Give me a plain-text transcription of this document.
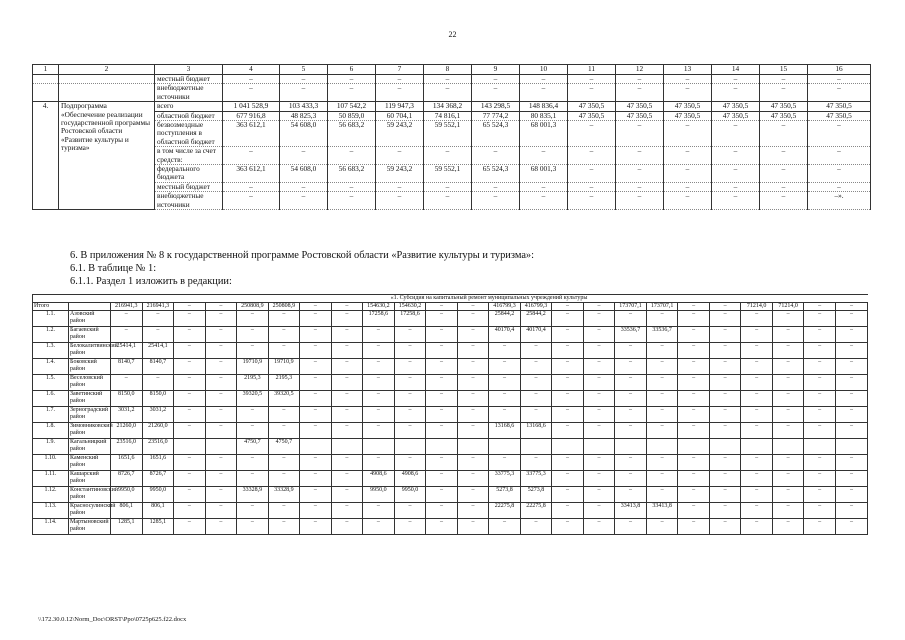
22
1	2	3	4	5	6	7	8	9	10	11	12	13	14	15	16
		местный бюджет	–	–	–	–	–	–	–	–	–	–	–	–	–
		внебюджетные источники	–	–	–	–	–	–	–	–	–	–	–	–	–
4.	Подпрограмма «Обеспечение реализации государственной программы Ростовской области «Развитие культуры и туризма»	всего	1 041 528,9	103 433,3	107 542,2	119 947,3	134 368,2	143 298,5	148 836,4	47 350,5	47 350,5	47 350,5	47 350,5	47 350,5	47 350,5
		областной бюджет	677 916,8	48 825,3	50 859,0	60 704,1	74 816,1	77 774,2	80 835,1	47 350,5	47 350,5	47 350,5	47 350,5	47 350,5	47 350,5
		безвозмездные поступления в областной бюджет	363 612,1	54 608,0	56 683,2	59 243,2	59 552,1	65 524,3	68 001,3	–	–	–	–	–	–
		в том числе за счет средств:	–	–	–	–	–	–	–	–	–	–	–	–	–
		федерального бюджета	363 612,1	54 608,0	56 683,2	59 243,2	59 552,1	65 524,3	68 001,3	–	–	–	–	–	–
		местный бюджет	–	–	–	–	–	–	–	–	–	–	–	–	–
		внебюджетные источники	–	–	–	–	–	–	–	–	–	–	–	–	–».
6. В приложения № 8 к государственной программе Ростовской области «Развитие культуры и туризма»:
6.1. В таблице № 1:
6.1.1. Раздел 1 изложить в редакции:
		«1. Субсидия на капитальный ремонт муниципальных учреждений культуры																							
Итого		216941,3	216941,3	–	–	250808,9	250808,9	–	–	154630,2	154630,2	–	–	416799,3	416799,3	–	–	173707,1	173707,1	–	–	71214,0	71214,0	–	–
1.1.	Азовский район	–	–	–	–	–	–	–	–	17258,6	17258,6	–	–	25844,2	25844,2	–	–	–	–	–	–	–	–	–	–
1.2.	Багаевский район	–	–	–	–	–	–	–	–	–	–	–	–	40170,4	40170,4	–	–	33536,7	33536,7	–	–	–	–	–	–
1.3.	Белокалитвинский район	25414,1	25414,1	–	–	–	–	–	–	–	–	–	–	–	–	–	–	–	–	–	–	–	–	–	–
1.4.	Боковский район	8140,7	8140,7	–	–	19710,9	19710,9	–	–	–	–	–	–	–	–	–	–	–	–	–	–	–	–	–	–
1.5.	Веселовский район	–	–	–	–	2195,3	2195,3	–	–	–	–	–	–	–	–	–	–	–	–	–	–	–	–	–	–
1.6.	Заветинский район	8150,0	8150,0	–	–	39320,5	39320,5	–	–	–	–	–	–	–	–	–	–	–	–	–	–	–	–	–	–
1.7.	Зерноградский район	3031,2	3031,2	–	–	–	–	–	–	–	–	–	–	–	–	–	–	–	–	–	–	–	–	–	–
1.8.	Зимовниковский район	21260,0	21260,0	–	–	–	–	–	–	–	–	–	–	13168,6	13168,6	–	–	–	–	–	–	–	–	–	–
1.9.	Кагальницкий район	23516,0	23516,0			4750,7	4750,7																		
1.10.	Каменский район	1651,6	1651,6	–	–	–	–	–	–	–	–	–	–	–	–	–	–	–	–	–	–	–	–	–	–
1.11.	Кашарский район	8726,7	8726,7	–	–	–	–	–	–	4908,6	4908,6	–	–	33775,3	33775,3	–	–	–	–	–	–	–	–	–	–
1.12.	Константиновский район	9950,0	9950,0	–	–	33328,9	33328,9	–	–	9950,0	9950,0	–	–	5273,8	5273,8	–	–	–	–	–	–	–	–	–	–
1.13.	Красносулинский район	806,1	806,1	–	–	–	–	–	–	–	–	–	–	22275,8	22275,8	–	–	33413,8	33413,8	–	–	–	–	–	–
1.14.	Мартыновский район	1285,1	1285,1	–	–	–	–	–	–	–	–	–	–	–	–	–	–	–	–	–	–	–	–	–	–
\\172.30.0.12\Norm_Doc\ORST\Ppo\0725p625.f22.docx
